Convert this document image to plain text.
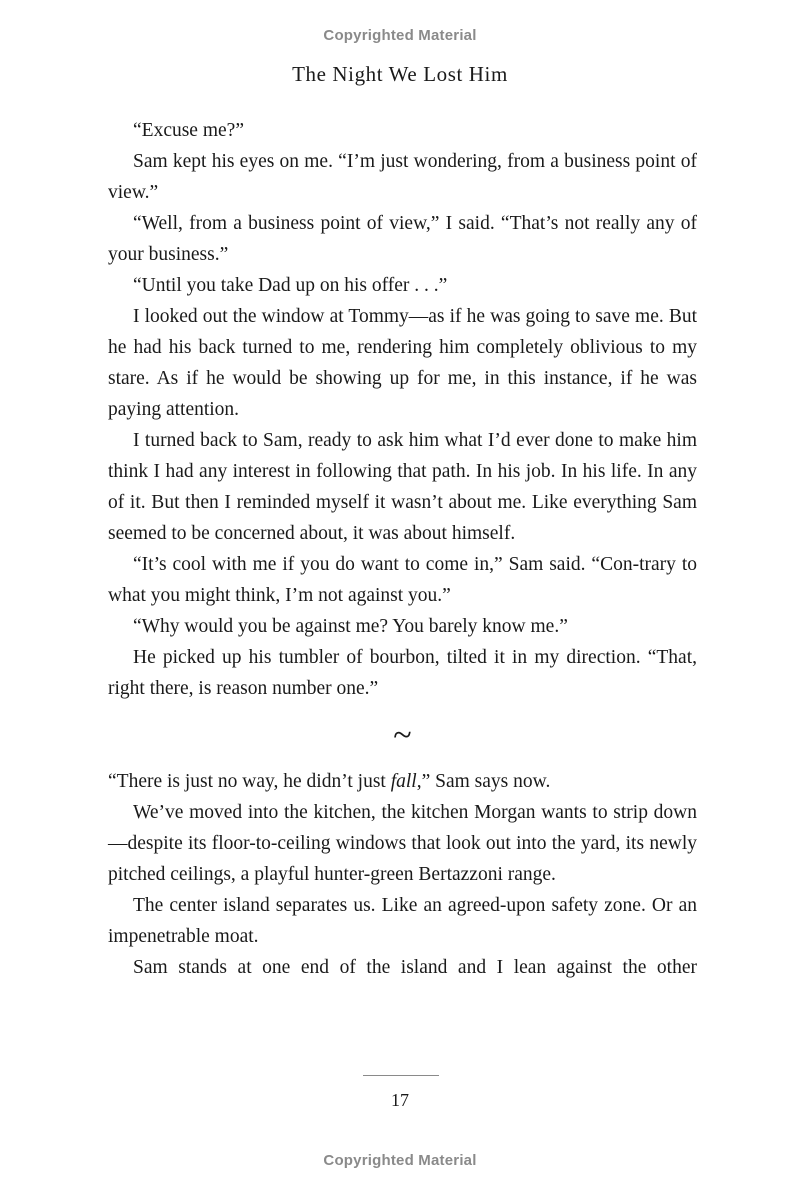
Copyrighted Material
The Night We Lost Him

“Excuse me?”

Sam kept his eyes on me. “I’m just wondering, from a business point of view.”

“Well, from a business point of view,” I said. “That’s not really any of your business.”

“Until you take Dad up on his offer . . .”

I looked out the window at Tommy—as if he was going to save me. But he had his back turned to me, rendering him completely oblivious to my stare. As if he would be showing up for me, in this instance, if he was paying attention.

I turned back to Sam, ready to ask him what I’d ever done to make him think I had any interest in following that path. In his job. In his life. In any of it. But then I reminded myself it wasn’t about me. Like everything Sam seemed to be concerned about, it was about himself.

“It’s cool with me if you do want to come in,” Sam said. “Con-trary to what you might think, I’m not against you.”

“Why would you be against me? You barely know me.”

He picked up his tumbler of bourbon, tilted it in my direction. “That, right there, is reason number one.”

~

“There is just no way, he didn’t just fall,” Sam says now.

We’ve moved into the kitchen, the kitchen Morgan wants to strip down—despite its floor-to-ceiling windows that look out into the yard, its newly pitched ceilings, a playful hunter-green Bertazzoni range.

The center island separates us. Like an agreed-upon safety zone. Or an impenetrable moat.

Sam stands at one end of the island and I lean against the other

17
Copyrighted Material
